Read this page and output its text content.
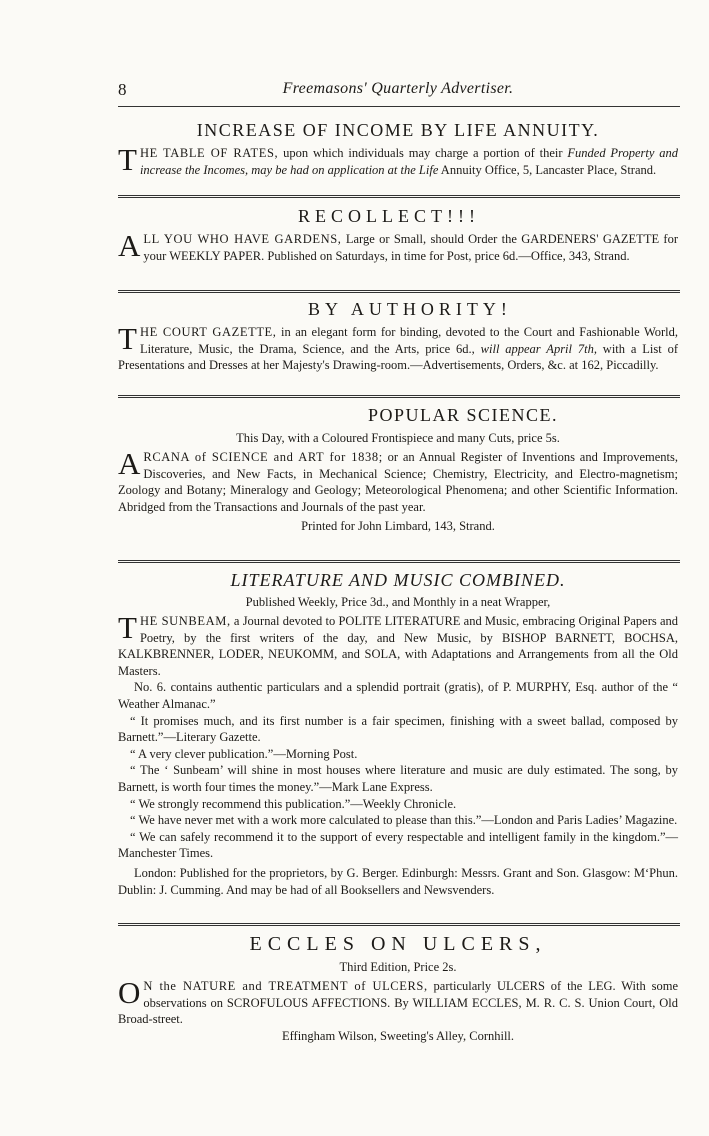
8	Freemasons' Quarterly Advertiser.
INCREASE OF INCOME BY LIFE ANNUITY.

THE TABLE OF RATES, upon which individuals may charge a portion of their Funded Property and increase the Incomes, may be had on application at the Life Annuity Office, 5, Lancaster Place, Strand.

RECOLLECT!!!

ALL YOU WHO HAVE GARDENS, Large or Small, should Order the GARDENERS' GAZETTE for your WEEKLY PAPER. Published on Saturdays, in time for Post, price 6d.—Office, 343, Strand.

BY AUTHORITY!

THE COURT GAZETTE, in an elegant form for binding, devoted to the Court and Fashionable World, Literature, Music, the Drama, Science, and the Arts, price 6d., will appear April 7th, with a List of Presentations and Dresses at her Majesty's Drawing-room.—Advertisements, Orders, &c. at 162, Piccadilly.

POPULAR SCIENCE.
This Day, with a Coloured Frontispiece and many Cuts, price 5s.

ARCANA of SCIENCE and ART for 1838; or an Annual Register of Inventions and Improvements, Discoveries, and New Facts, in Mechanical Science; Chemistry, Electricity, and Electro-magnetism; Zoology and Botany; Mineralogy and Geology; Meteorological Phenomena; and other Scientific Information. Abridged from the Transactions and Journals of the past year.

Printed for John Limbard, 143, Strand.
LITERATURE AND MUSIC COMBINED.
Published Weekly, Price 3d., and Monthly in a neat Wrapper,

THE SUNBEAM, a Journal devoted to POLITE LITERATURE and Music, embracing Original Papers and Poetry, by the first writers of the day, and New Music, by BISHOP BARNETT, BOCHSA, KALKBRENNER, LODER, NEUKOMM, and SOLA, with Adaptations and Arrangements from all the Old Masters.

No. 6. contains authentic particulars and a splendid portrait (gratis), of P. MURPHY, Esq. author of the “ Weather Almanac.”

“ It promises much, and its first number is a fair specimen, finishing with a sweet ballad, composed by Barnett.”—Literary Gazette.

“ A very clever publication.”—Morning Post.

“ The ‘ Sunbeam’ will shine in most houses where literature and music are duly estimated. The song, by Barnett, is worth four times the money.”—Mark Lane Express.

“ We strongly recommend this publication.”—Weekly Chronicle.

“ We have never met with a work more calculated to please than this.”—London and Paris Ladies’ Magazine.

“ We can safely recommend it to the support of every respectable and intelligent family in the kingdom.”—Manchester Times.

London: Published for the proprietors, by G. Berger. Edinburgh: Messrs. Grant and Son. Glasgow: M‘Phun. Dublin: J. Cumming. And may be had of all Booksellers and Newsvenders.

ECCLES ON ULCERS,
Third Edition, Price 2s.

O N the NATURE and TREATMENT of ULCERS, particularly ULCERS of the LEG. With some observations on SCROFULOUS AFFECTIONS. By WILLIAM ECCLES, M. R. C. S. Union Court, Old Broad-street.

Effingham Wilson, Sweeting's Alley, Cornhill.
